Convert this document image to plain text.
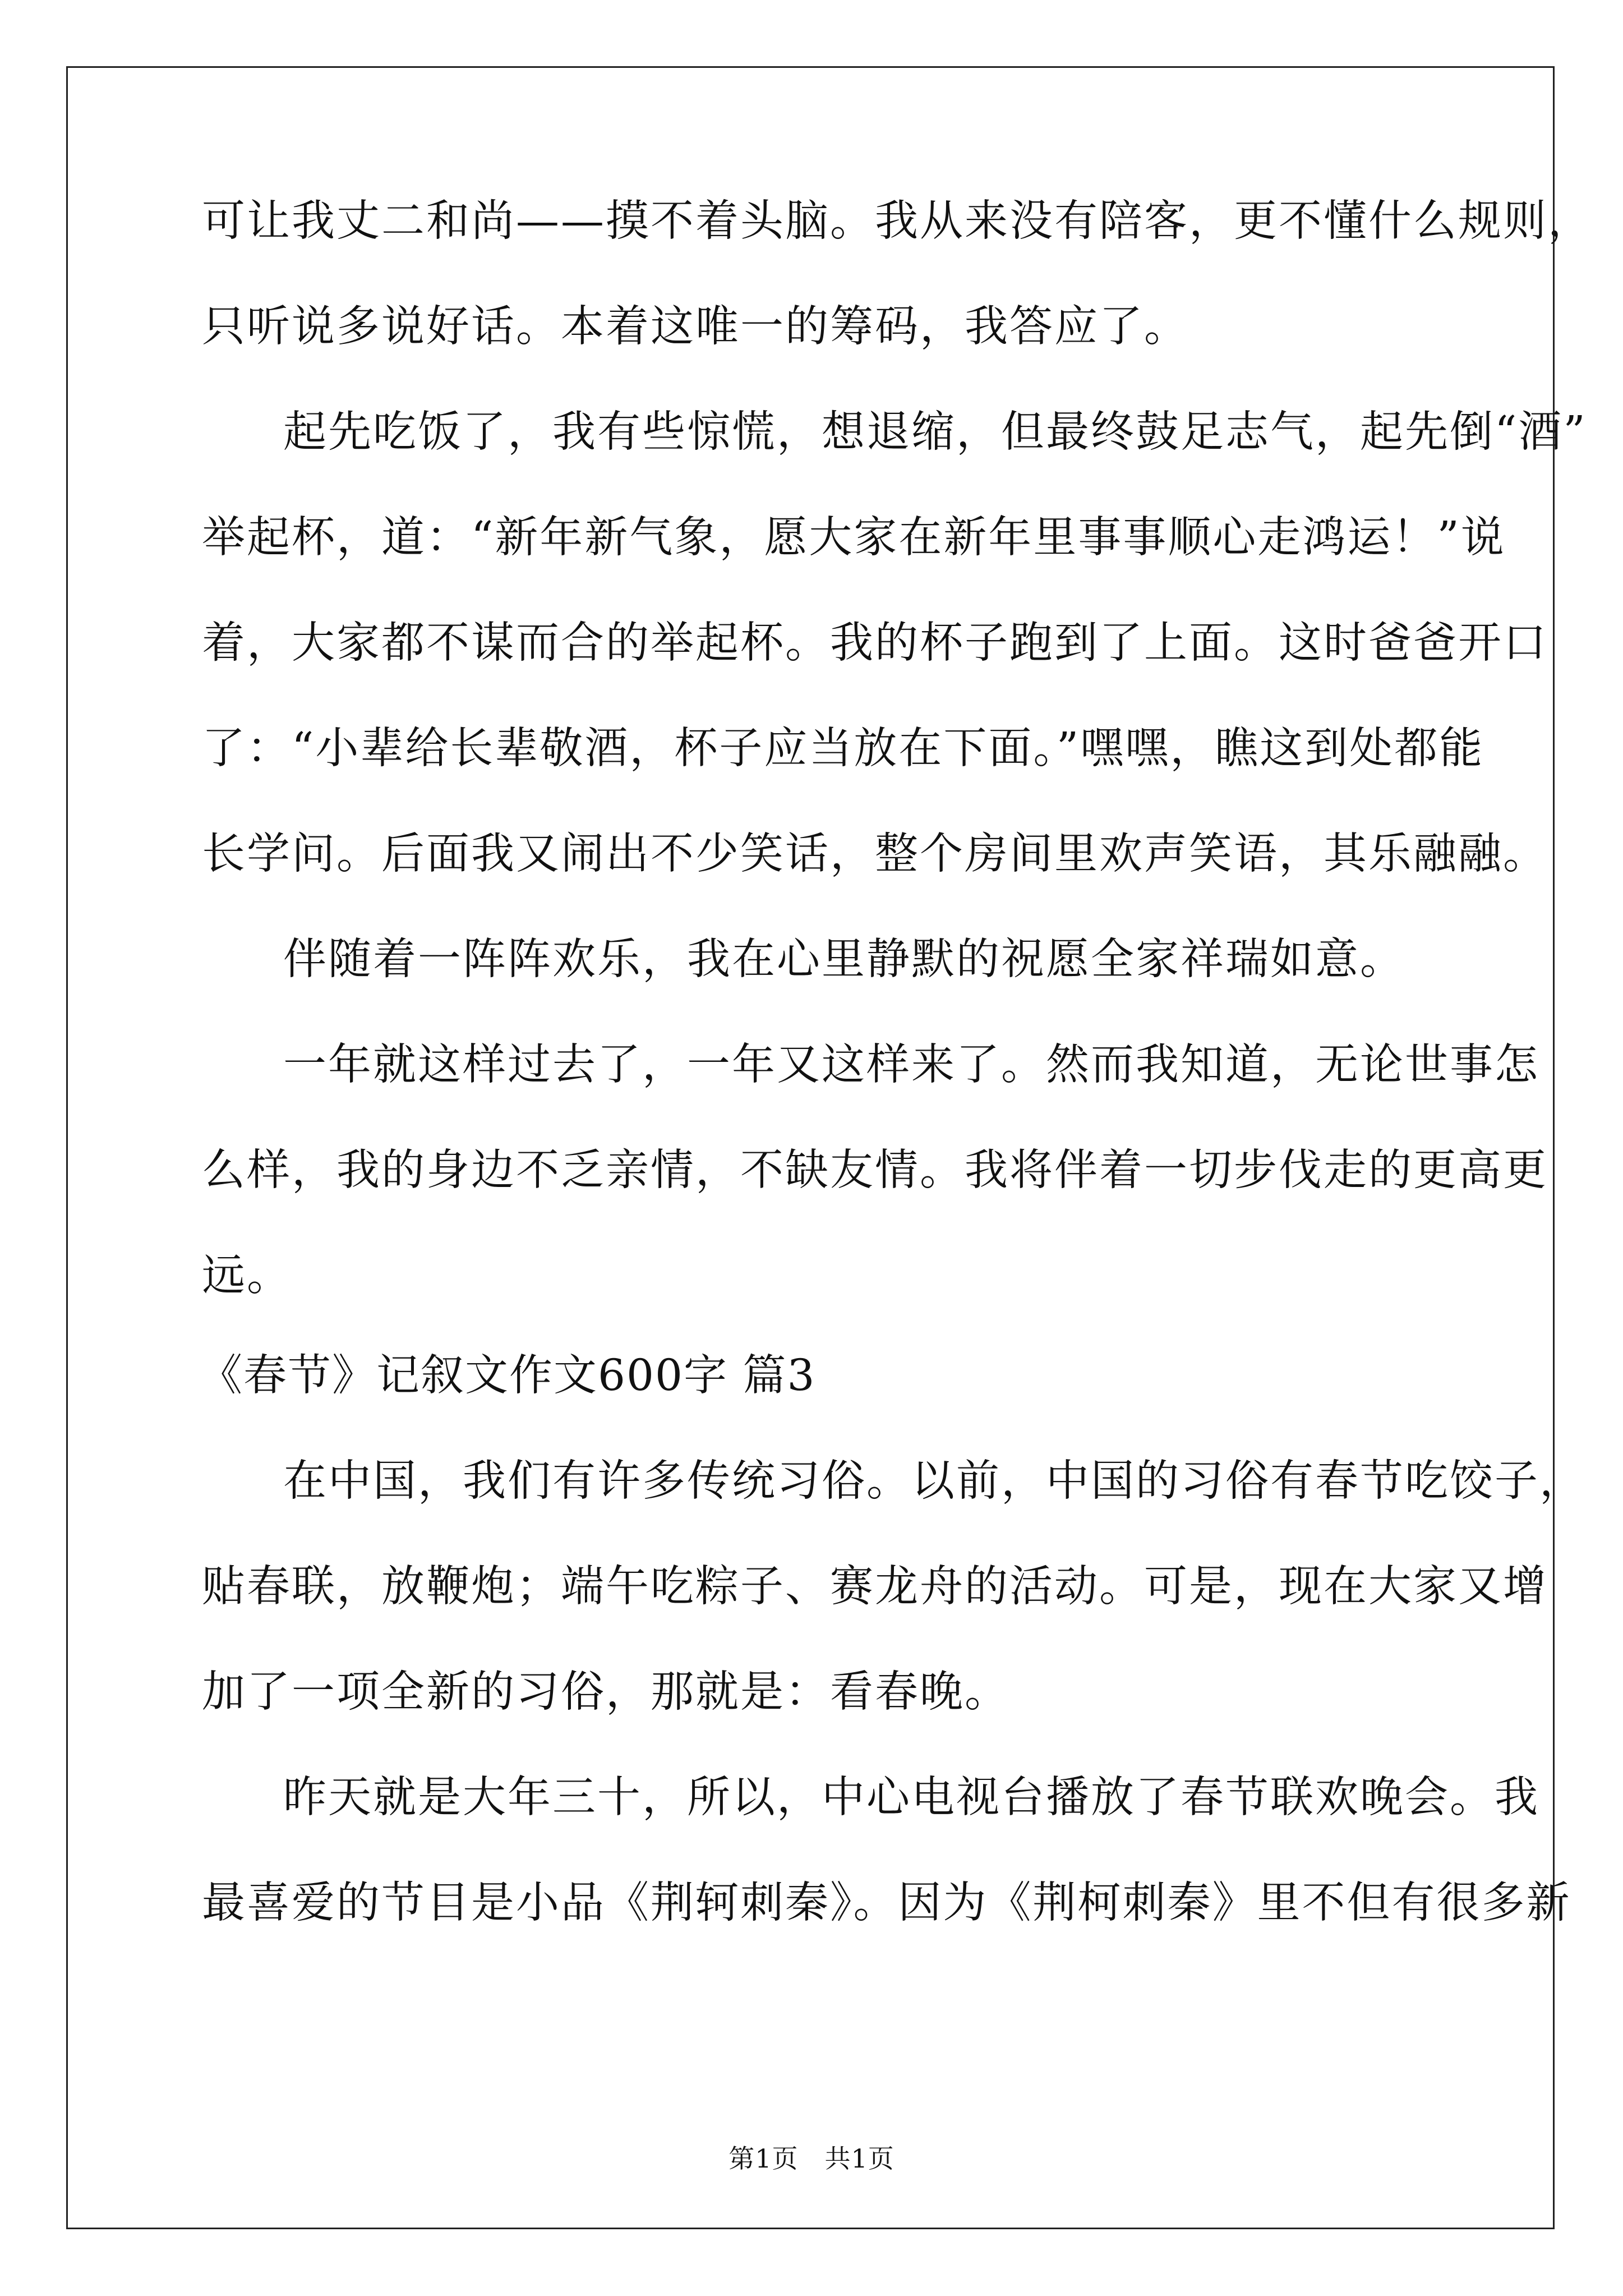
可让我丈二和尚——摸不着头脑。我从来没有陪客，更不懂什么规则，
只听说多说好话。本着这唯一的筹码，我答应了。
起先吃饭了，我有些惊慌，想退缩，但最终鼓足志气，起先倒“酒”
举起杯，道：“新年新气象，愿大家在新年里事事顺心走鸿运！”说
着，大家都不谋而合的举起杯。我的杯子跑到了上面。这时爸爸开口
了：“小辈给长辈敬酒，杯子应当放在下面。”嘿嘿，瞧这到处都能
长学问。后面我又闹出不少笑话，整个房间里欢声笑语，其乐融融。
伴随着一阵阵欢乐，我在心里静默的祝愿全家祥瑞如意。
一年就这样过去了，一年又这样来了。然而我知道，无论世事怎
么样，我的身边不乏亲情，不缺友情。我将伴着一切步伐走的更高更
远。
《春节》记叙文作文600字 篇3
在中国，我们有许多传统习俗。以前，中国的习俗有春节吃饺子，
贴春联，放鞭炮；端午吃粽子、赛龙舟的活动。可是，现在大家又增
加了一项全新的习俗，那就是：看春晚。
昨天就是大年三十，所以，中心电视台播放了春节联欢晚会。我
最喜爱的节目是小品《荆轲刺秦》。因为《荆柯刺秦》里不但有很多新
第1页　共1页
